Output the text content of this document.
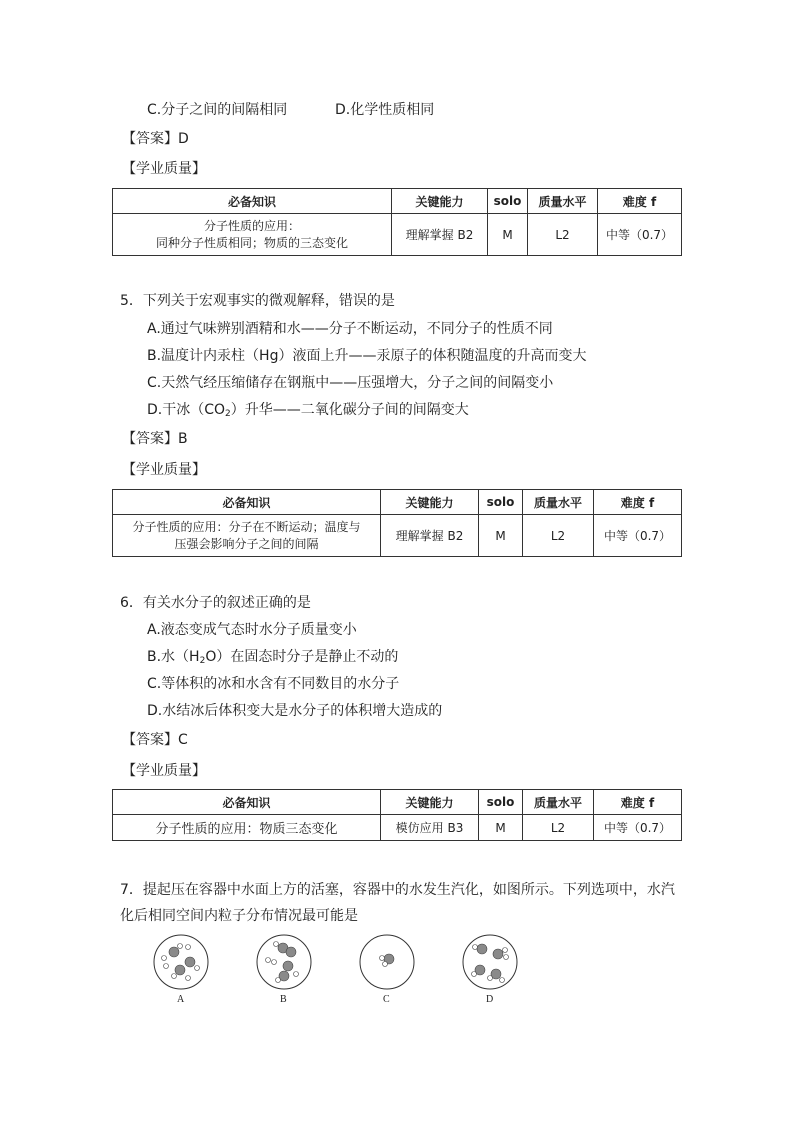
C.分子之间的间隔相同	D.化学性质相同
【答案】D
【学业质量】
必备知识	关键能力	solo	质量水平	难度 f

分子性质的应用：
同种分子性质相同；物质的三态变化	理解掌握 B2	M	L2	中等（0.7）
5．下列关于宏观事实的微观解释，错误的是
A.通过气味辨别酒精和水——分子不断运动，不同分子的性质不同
B.温度计内汞柱（Hg）液面上升——汞原子的体积随温度的升高而变大
C.天然气经压缩储存在钢瓶中——压强增大，分子之间的间隔变小
D.干冰$(CO_2)$升华——二氧化碳分子间的间隔变大
【答案】B
【学业质量】
必备知识	关键能力	solo	质量水平	难度 f

分子性质的应用：分子在不断运动；温度与
压强会影响分子之间的间隔	理解掌握 B2	M	L2	中等（0.7）
6．有关水分子的叙述正确的是
A.液态变成气态时水分子质量变小
B.水$(H_2O)$在固态时分子是静止不动的
C.等体积的冰和水含有不同数目的水分子
D.水结冰后体积变大是水分子的体积增大造成的
【答案】C
【学业质量】
必备知识	关键能力	solo	质量水平	难度 f
分子性质的应用：物质三态变化	模仿应用 B3	M	L2	中等（0.7）
7．提起压在容器中水面上方的活塞，容器中的水发生汽化，如图所示。下列选项中，水汽
化后相同空间内粒子分布情况最可能是
A	B	C	D
